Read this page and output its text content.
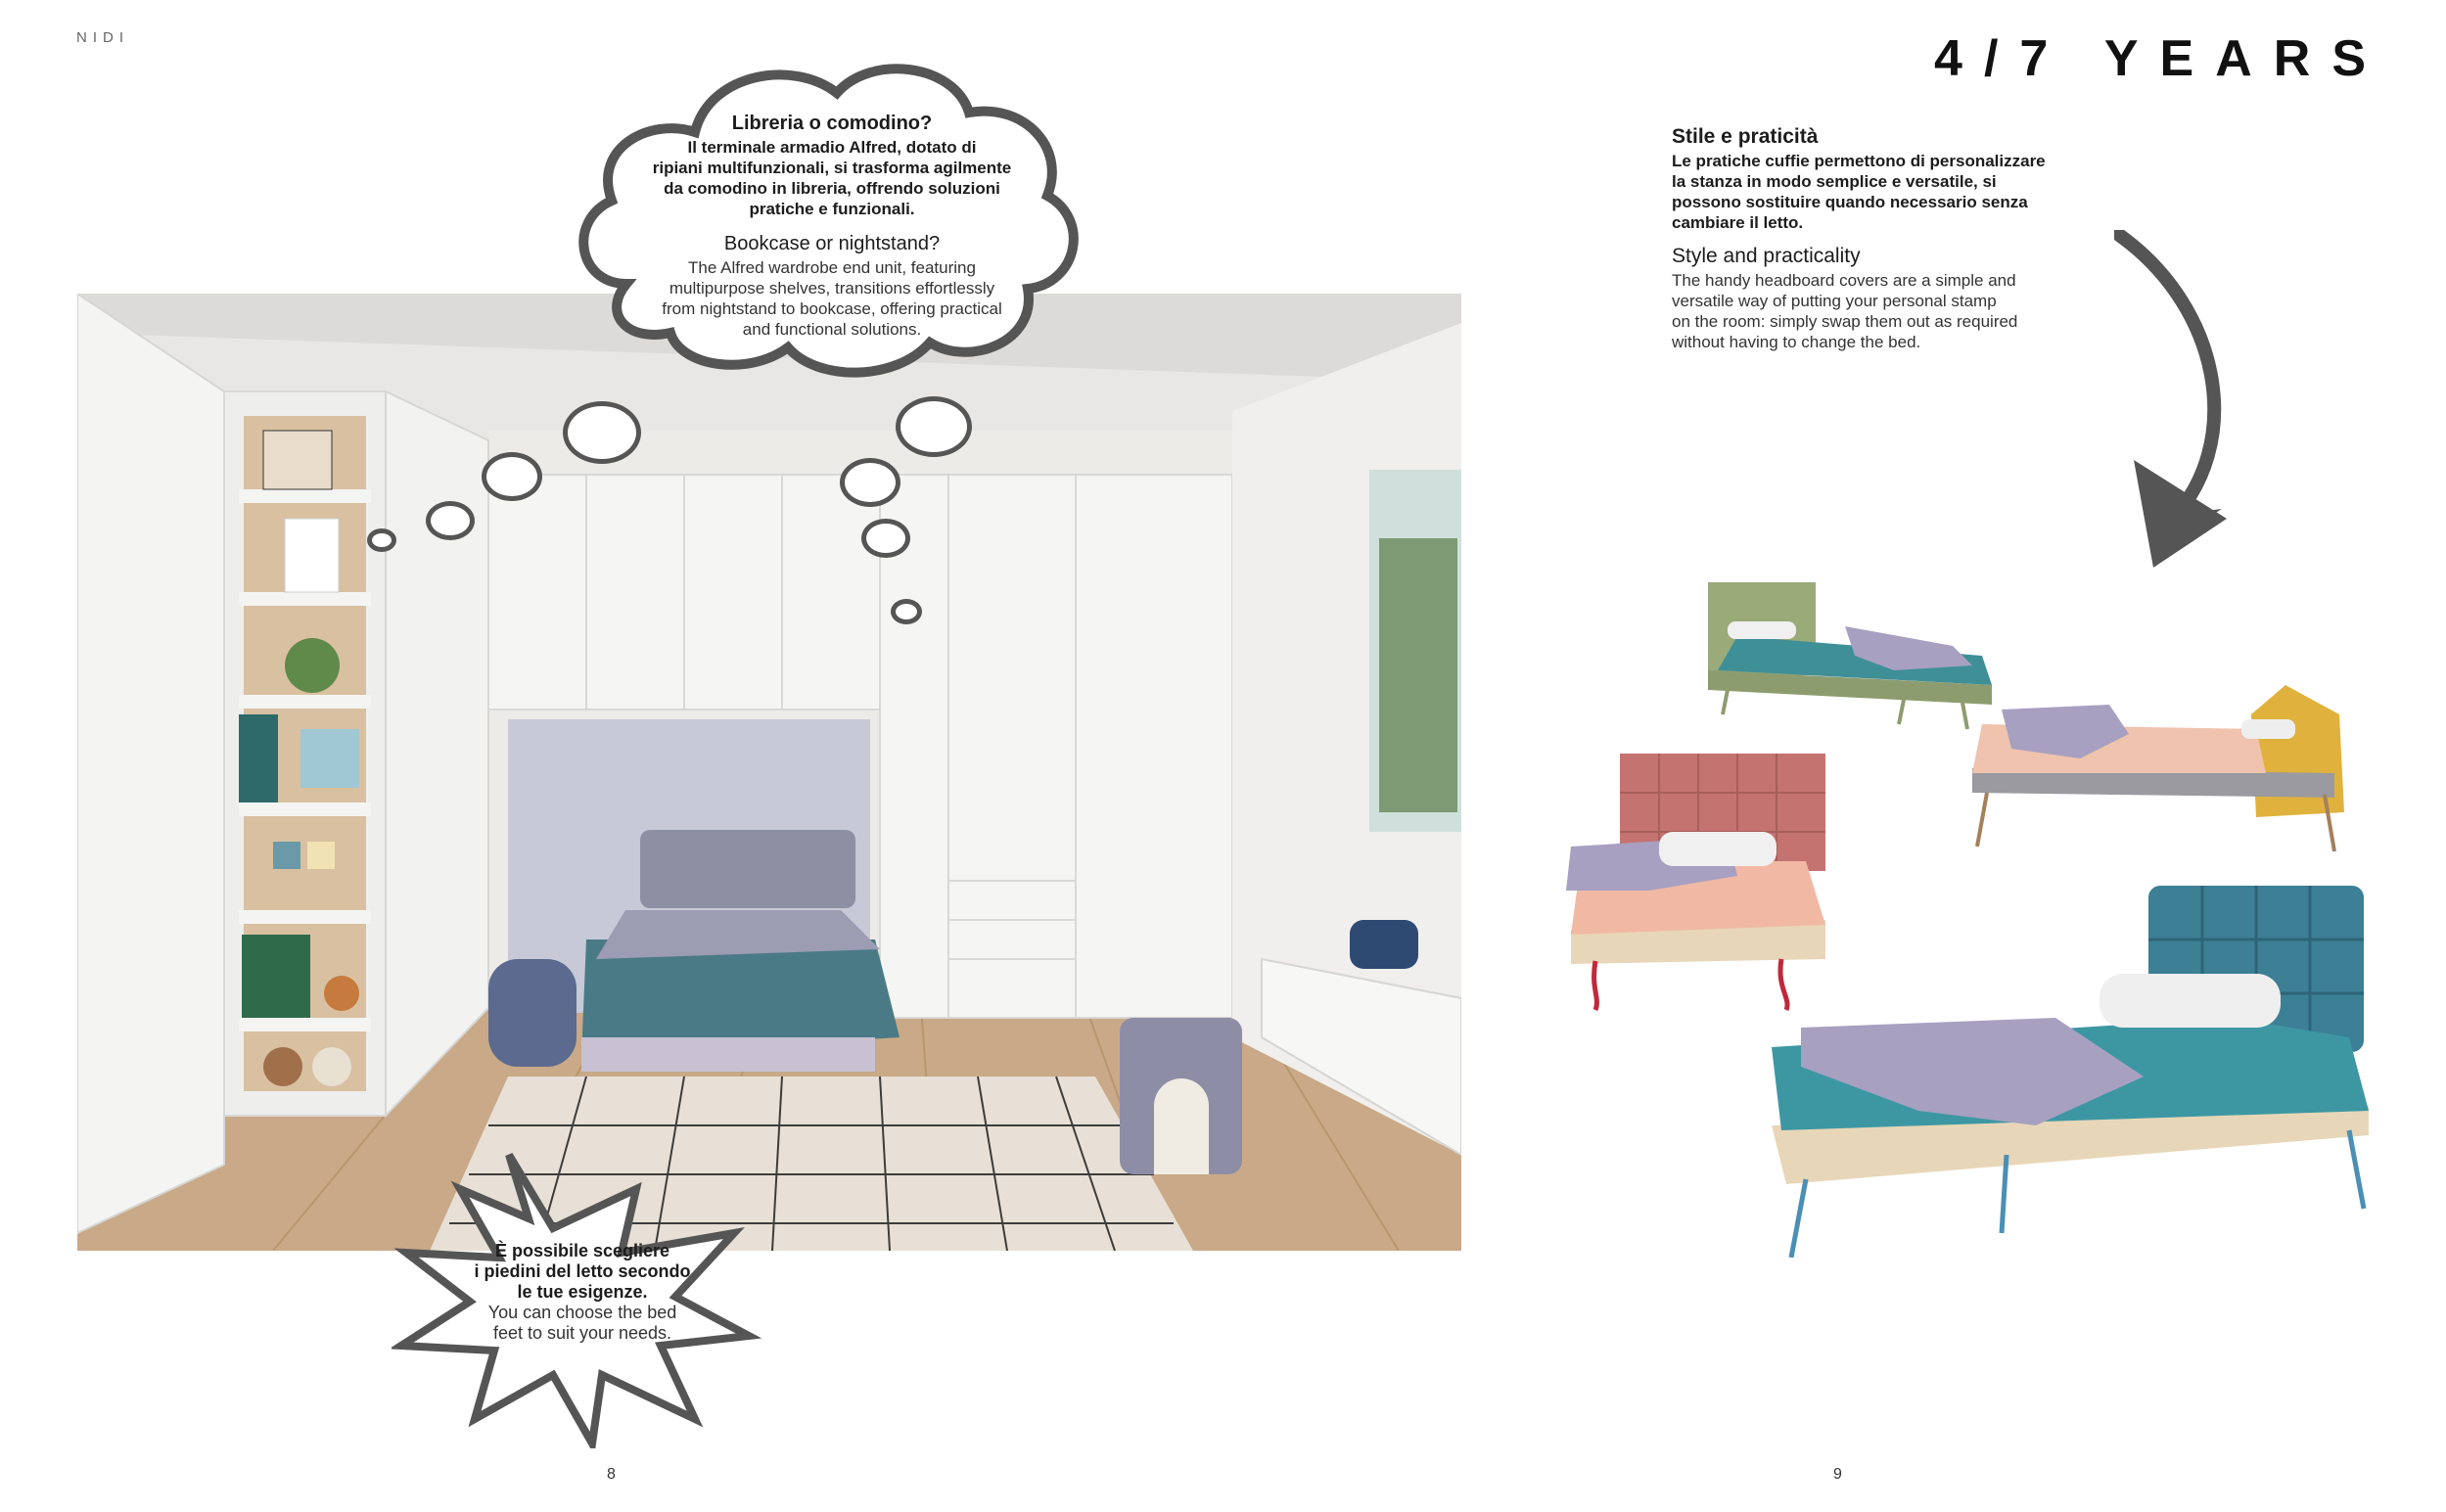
NIDI	4/7 YEARS

Libreria o comodino?

Il terminale armadio Alfred, dotato di
ripiani multifunzionali, si trasforma agilmente
da comodino in libreria, offrendo soluzioni
pratiche e funzionali.

Bookcase or nightstand?

The Alfred wardrobe end unit, featuring
multipurpose shelves, transitions effortlessly
from nightstand to bookcase, offering practical
and functional solutions.

È possibile scegliere
i piedini del letto secondo
le tue esigenze.
You can choose the bed
feet to suit your needs.

Stile e praticità

Le pratiche cuffie permettono di personalizzare
la stanza in modo semplice e versatile, si
possono sostituire quando necessario senza
cambiare il letto.

Style and practicality

The handy headboard covers are a simple and
versatile way of putting your personal stamp
on the room: simply swap them out as required
without having to change the bed.

8	9
